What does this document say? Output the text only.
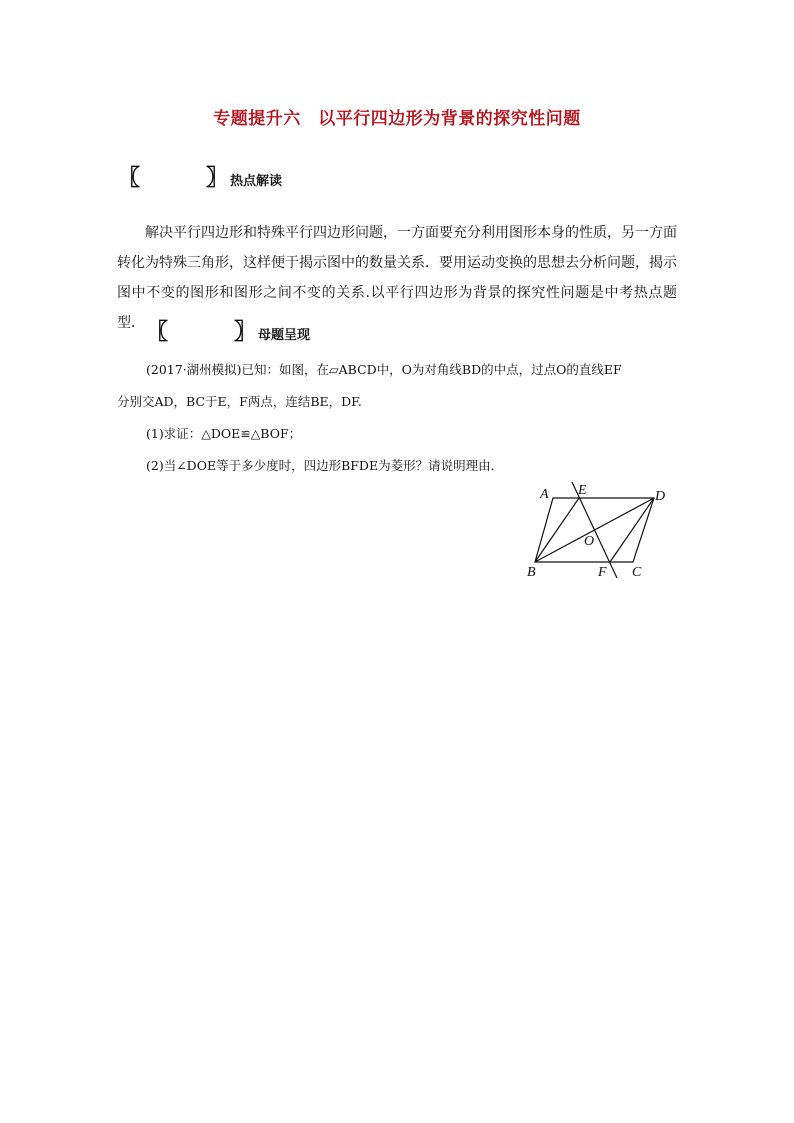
专题提升六　以平行四边形为背景的探究性问题
〖	〗 热点解读
解决平行四边形和特殊平行四边形问题，一方面要充分利用图形本身的性质，另一方面转化为特殊三角形，这样便于揭示图中的数量关系．要用运动变换的思想去分析问题，揭示图中不变的图形和图形之间不变的关系.以平行四边形为背景的探究性问题是中考热点题型． 〖	〗 母题呈现
(2017·湖州模拟)已知：如图，在▱ABCD中，O为对角线BD的中点，过点O的直线EF
分别交AD，BC于E，F两点，连结BE，DF.
(1)求证：△DOE≌△BOF；
(2)当∠DOE等于多少度时，四边形BFDE为菱形？请说明理由．
A E	D
O
B	F C
